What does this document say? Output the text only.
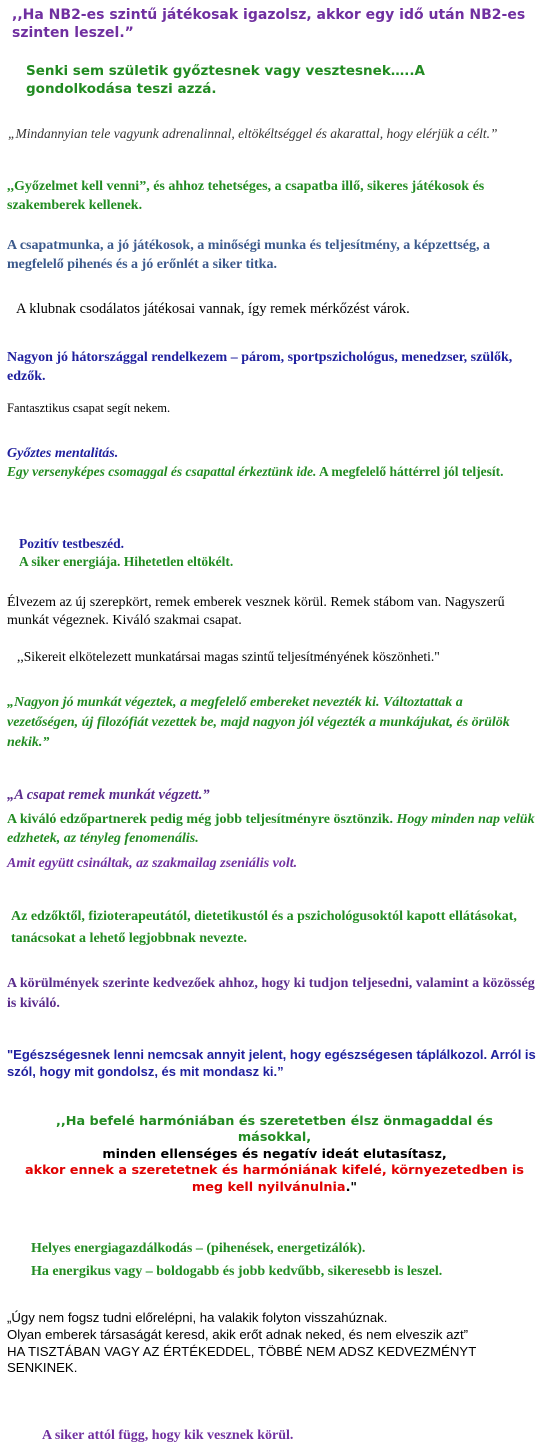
,,Ha NB2-es szintű játékosak igazolsz, akkor egy idő után NB2-es szinten leszel.”

Senki sem születik győztesnek vagy vesztesnek…..A gondolkodása teszi azzá.

„Mindannyian tele vagyunk adrenalinnal, eltökéltséggel és akarattal, hogy elérjük a célt.”

,,Győzelmet kell venni”, és ahhoz tehetséges, a csapatba illő, sikeres játékosok és szakemberek kellenek.

A csapatmunka, a jó játékosok, a minőségi munka és teljesítmény, a képzettség, a megfelelő pihenés és a jó erőnlét a siker titka.

A klubnak csodálatos játékosai vannak, így remek mérkőzést várok.

Nagyon jó hátországgal rendelkezem – párom, sportpszichológus, menedzser, szülők, edzők.

Fantasztikus csapat segít nekem.

Győztes mentalitás.
Egy versenyképes csomaggal és csapattal érkeztünk ide. A megfelelő háttérrel jól teljesít.
Pozitív testbeszéd.
A siker energiája. Hihetetlen eltökélt.

Élvezem az új szerepkört, remek emberek vesznek körül. Remek stábom van. Nagyszerű munkát végeznek. Kiváló szakmai csapat.

,,Sikereit elkötelezett munkatársai magas szintű teljesítményének köszönheti."

„Nagyon jó munkát végeztek, a megfelelő embereket nevezték ki. Változtattak a vezetőségen, új filozófiát vezettek be, majd nagyon jól végezték a munkájukat, és örülök nekik.”

„A csapat remek munkát végzett.”

A kiváló edzőpartnerek pedig még jobb teljesítményre ösztönzik. Hogy minden nap velük edzhetek, az tényleg fenomenális.

Amit együtt csináltak, az szakmailag zseniális volt.

Az edzőktől, fizioterapeutától, dietetikustól és a pszichológusoktól kapott ellátásokat, tanácsokat a lehető legjobbnak nevezte.

A körülmények szerinte kedvezőek ahhoz, hogy ki tudjon teljesedni, valamint a közösség is kiváló.

"Egészségesnek lenni nemcsak annyit jelent, hogy egészségesen táplálkozol. Arról is szól, hogy mit gondolsz, és mit mondasz ki.”

,,Ha befelé harmóniában és szeretetben élsz önmagaddal és másokkal,
minden ellenséges és negatív ideát elutasítasz,
akkor ennek a szeretetnek és harmóniának kifelé, környezetedben is meg kell nyilvánulnia."
Helyes energiagazdálkodás – (pihenések, energetizálók).
Ha energikus vagy – boldogabb és jobb kedvűbb, sikeresebb is leszel.
„Úgy nem fogsz tudni előrelépni, ha valakik folyton visszahúznak.
Olyan emberek társaságát keresd, akik erőt adnak neked, és nem elveszik azt”
HA TISZTÁBAN VAGY AZ ÉRTÉKEDDEL, TÖBBÉ NEM ADSZ KEDVEZMÉNYT SENKINEK.

A siker attól függ, hogy kik vesznek körül.
